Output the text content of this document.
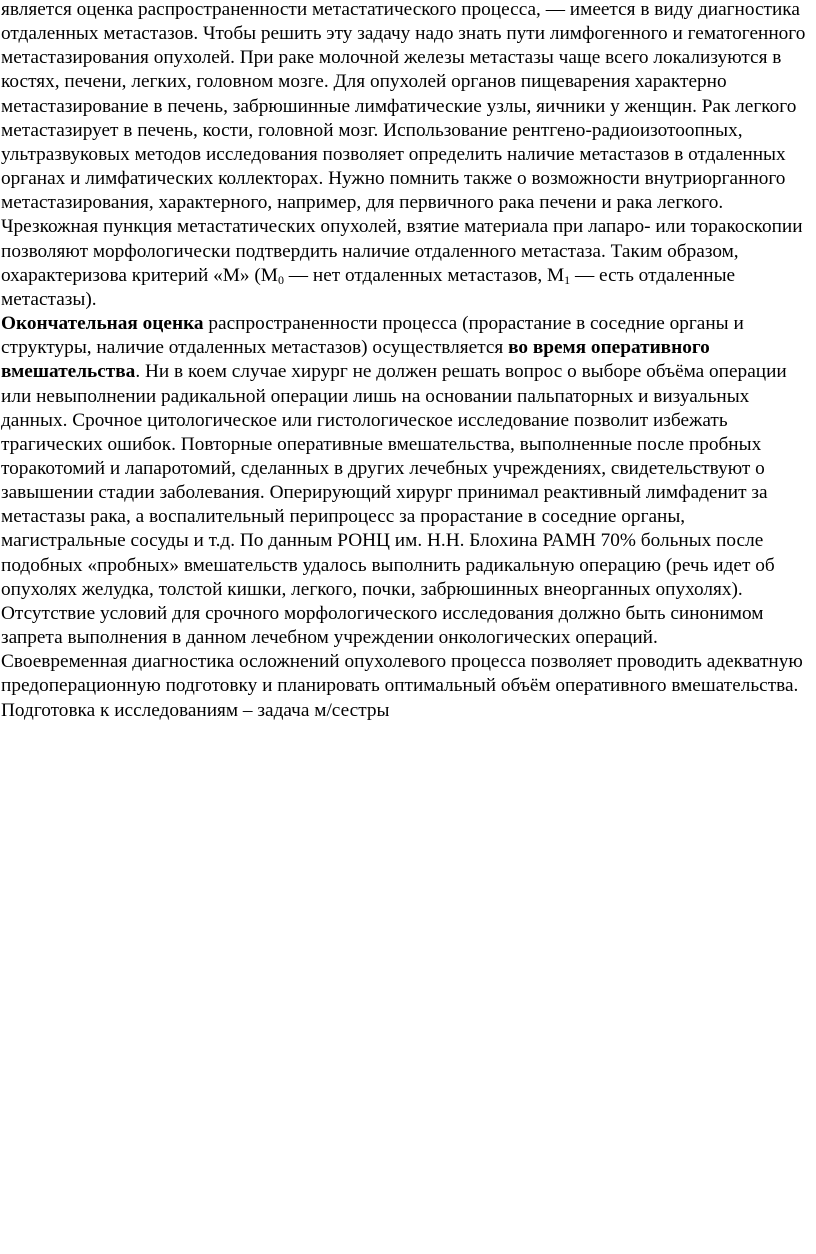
является оценка распространенности метастатического процесса, — имеется в виду диагностика отдаленных метастазов. Чтобы решить эту задачу надо знать пути лимфогенного и гематогенного метастазирования опухолей. При раке молочной железы метастазы чаще всего локализуются в костях, печени, легких, головном мозге. Для опухолей органов пищеварения характерно метастазирование в печень, забрюшинные лимфатические узлы, яичники у женщин. Рак легкого метастазирует в печень, кости, головной мозг. Использование рентгено-радиоизотоопных, ультразвуковых методов исследования позволяет определить наличие метастазов в отдаленных органах и лимфатических коллекторах. Нужно помнить также о возможности внутриорганного метастазирования, характерного, например, для первичного рака печени и рака легкого. Чрезкожная пункция метастатических опухолей, взятие материала при лапаро- или торакоскопии позволяют морфологически подтвердить наличие отдаленного метастаза. Таким образом, охарактеризова критерий «М» ($М_0$ — нет отдаленных метастазов, $М_1$ — есть отдаленные метастазы).

Окончательная оценка распространенности процесса (прорастание в соседние органы и структуры, наличие отдаленных метастазов) осуществляется во время оперативного вмешательства. Ни в коем случае хирург не должен решать вопрос о выборе объёма операции или невыполнении радикальной операции лишь на основании пальпаторных и визуальных данных. Срочное цитологическое или гистологическое исследование позволит избежать трагических ошибок. Повторные оперативные вмешательства, выполненные после пробных торакотомий и лапаротомий, сделанных в других лечебных учреждениях, свидетельствуют о завышении стадии заболевания. Оперирующий хирург принимал реактивный лимфаденит за метастазы рака, а воспалительный перипроцесс за прорастание в соседние органы, магистральные сосуды и т.д. По данным РОНЦ им. Н.Н. Блохина РАМН 70% больных после подобных «пробных» вмешательств удалось выполнить радикальную операцию (речь идет об опухолях желудка, толстой кишки, легкого, почки, забрюшинных внеорганных опухолях).

Отсутствие условий для срочного морфологического исследования должно быть синонимом запрета выполнения в данном лечебном учреждении онкологических операций.

Своевременная диагностика осложнений опухолевого процесса позволяет проводить адекватную предоперационную подготовку и планировать оптимальный объём оперативного вмешательства.

Подготовка к исследованиям – задача м/сестры
